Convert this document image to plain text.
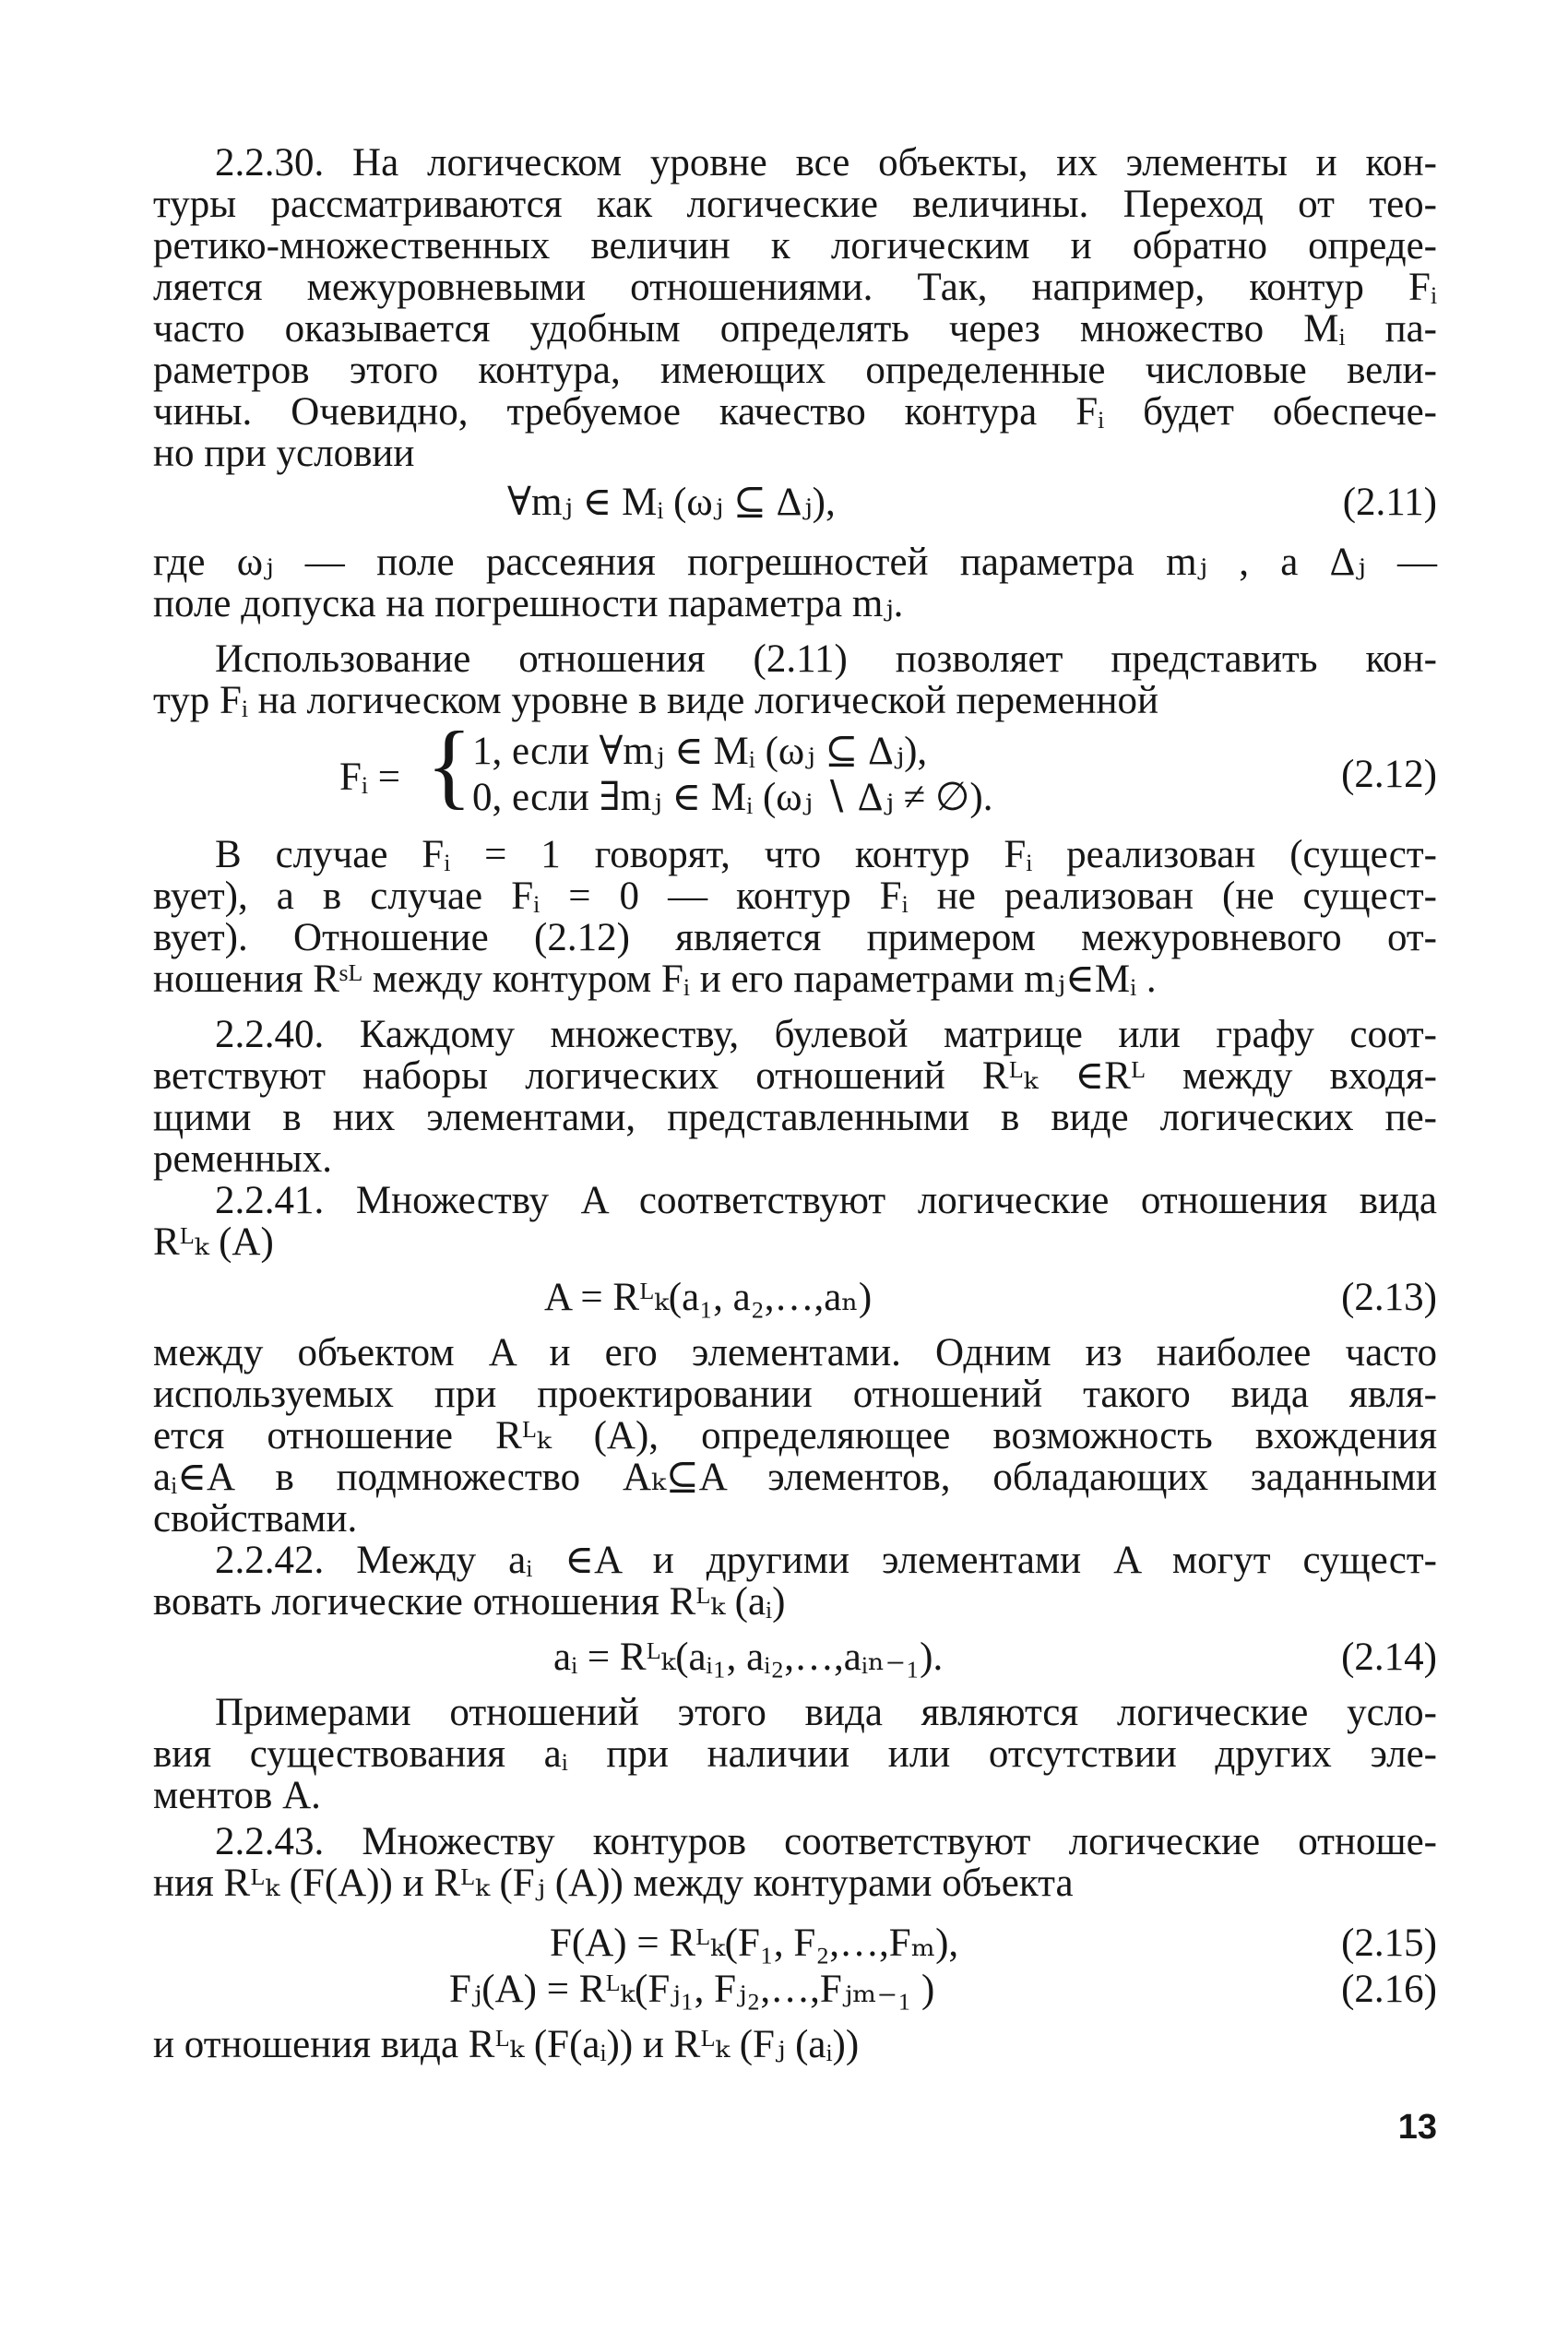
2.2.30. На логическом уровне все объекты, их элементы и кон-
туры рассматриваются как логические величины. Переход от тео-
ретико-множественных величин к логическим и обратно опреде-
ляется межуровневыми отношениями. Так, например, контур Fᵢ
часто оказывается удобным определять через множество Mᵢ па-
раметров этого контура, имеющих определенные числовые вели-
чины. Очевидно, требуемое качество контура Fᵢ будет обеспече-
но при условии
где ωⱼ — поле рассеяния погрешностей параметра mⱼ , а Δⱼ —
поле допуска на погрешности параметра mⱼ.
Использование отношения (2.11) позволяет представить кон-
тур Fᵢ на логическом уровне в виде логической переменной
В случае Fᵢ = 1 говорят, что контур Fᵢ реализован (сущест-
вует), а в случае Fᵢ = 0 — контур Fᵢ не реализован (не сущест-
вует). Отношение (2.12) является примером межуровневого от-
ношения Rˢᴸ между контуром Fᵢ и его параметрами mⱼ∈Mᵢ .
2.2.40. Каждому множеству, булевой матрице или графу соот-
ветствуют наборы логических отношений Rᴸₖ ∈Rᴸ между входя-
щими в них элементами, представленными в виде логических пе-
ременных.
2.2.41. Множеству A соответствуют логические отношения вида
Rᴸₖ (A)
между объектом A и его элементами. Одним из наиболее часто
используемых при проектировании отношений такого вида явля-
ется отношение Rᴸₖ (A), определяющее возможность вхождения
aᵢ∈A в подмножество Aₖ⊆A элементов, обладающих заданными
свойствами.
2.2.42. Между aᵢ ∈A и другими элементами A могут сущест-
вовать логические отношения Rᴸₖ (aᵢ)
Примерами отношений этого вида являются логические усло-
вия существования aᵢ при наличии или отсутствии других эле-
ментов A.
2.2.43. Множеству контуров соответствуют логические отноше-
ния Rᴸₖ (F(A)) и Rᴸₖ (Fⱼ (A)) между контурами объекта
и отношения вида Rᴸₖ (F(aᵢ)) и Rᴸₖ (Fⱼ (aᵢ))
∀mⱼ ∈ Mᵢ (ωⱼ ⊆ Δⱼ),	(2.11)
A = Rᴸₖ(a₁, a₂,…,aₙ)	(2.13)
aᵢ = Rᴸₖ(aᵢ₁, aᵢ₂,…,aᵢₙ₋₁).	(2.14)
F(A) = Rᴸₖ(F₁, F₂,…,Fₘ),	(2.15)
Fⱼ(A) = Rᴸₖ(Fⱼ₁, Fⱼ₂,…,Fⱼₘ₋₁ )	(2.16)
Fᵢ = { 1, если ∀mⱼ ∈ Mᵢ (ωⱼ ⊆ Δⱼ),
0, если ∃mⱼ ∈ Mᵢ (ωⱼ ∖ Δⱼ ≠ ∅).
(2.12)
13
